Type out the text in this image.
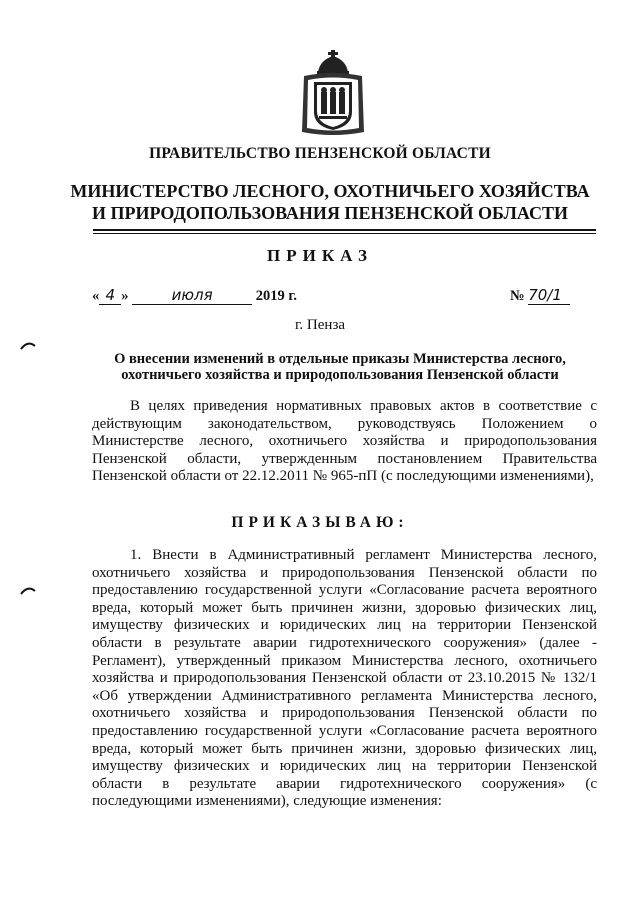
ПРАВИТЕЛЬСТВО ПЕНЗЕНСКОЙ ОБЛАСТИ
МИНИСТЕРСТВО ЛЕСНОГО, ОХОТНИЧЬЕГО ХОЗЯЙСТВА
И ПРИРОДОПОЛЬЗОВАНИЯ ПЕНЗЕНСКОЙ ОБЛАСТИ
ПРИКАЗ
« 4 »	июля	2019 г.	№ 70/1
г. Пенза
О внесении изменений в отдельные приказы Министерства лесного, охотничьего хозяйства и природопользования Пензенской области
В целях приведения нормативных правовых актов в соответствие с действующим законодательством, руководствуясь Положением о Министерстве лесного, охотничьего хозяйства и природопользования Пензенской области, утвержденным постановлением Правительства Пензенской области от 22.12.2011 № 965-пП (с последующими изменениями),
ПРИКАЗЫВАЮ:
1. Внести в Административный регламент Министерства лесного, охотничьего хозяйства и природопользования Пензенской области по предоставлению государственной услуги «Согласование расчета вероятного вреда, который может быть причинен жизни, здоровью физических лиц, имуществу физических и юридических лиц на территории Пензенской области в результате аварии гидротехнического сооружения» (далее - Регламент), утвержденный приказом Министерства лесного, охотничьего хозяйства и природопользования Пензенской области от 23.10.2015 № 132/1 «Об утверждении Административного регламента Министерства лесного, охотничьего хозяйства и природопользования Пензенской области по предоставлению государственной услуги «Согласование расчета вероятного вреда, который может быть причинен жизни, здоровью физических лиц, имуществу физических и юридических лиц на территории Пензенской области в результате аварии гидротехнического сооружения» (с последующими изменениями), следующие изменения:
